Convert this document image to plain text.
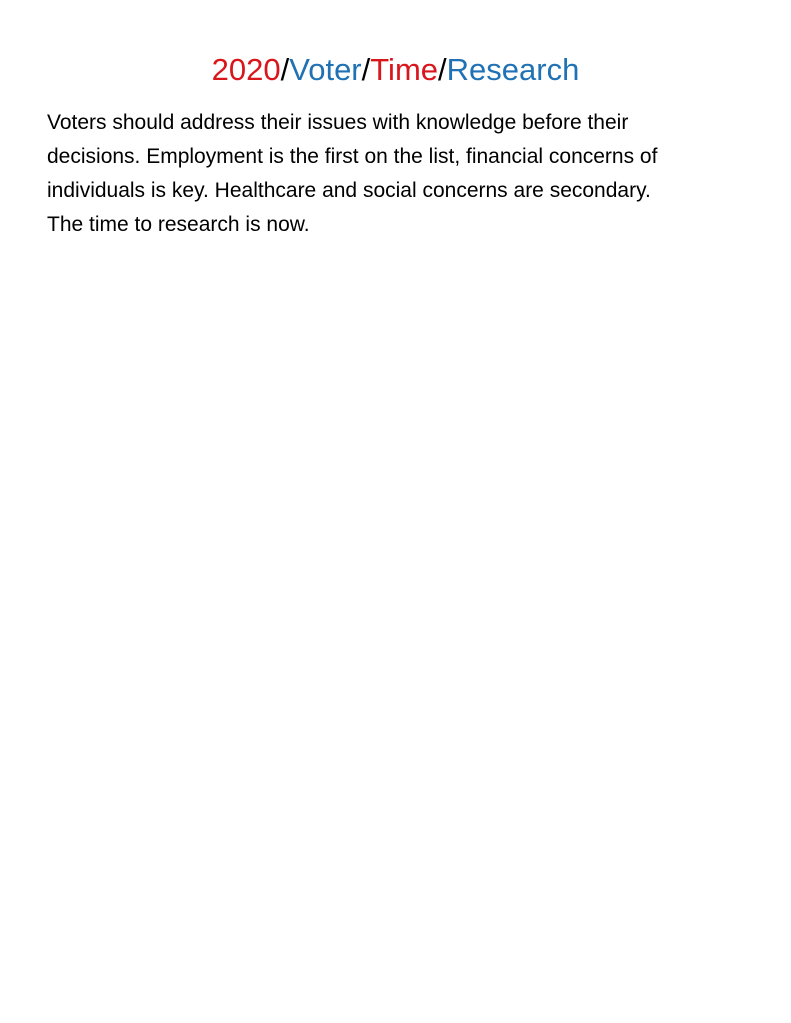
2020/Voter/Time/Research

Voters should address their issues with knowledge before their
decisions. Employment is the first on the list, financial concerns of
individuals is key. Healthcare and social concerns are secondary.
The time to research is now.
